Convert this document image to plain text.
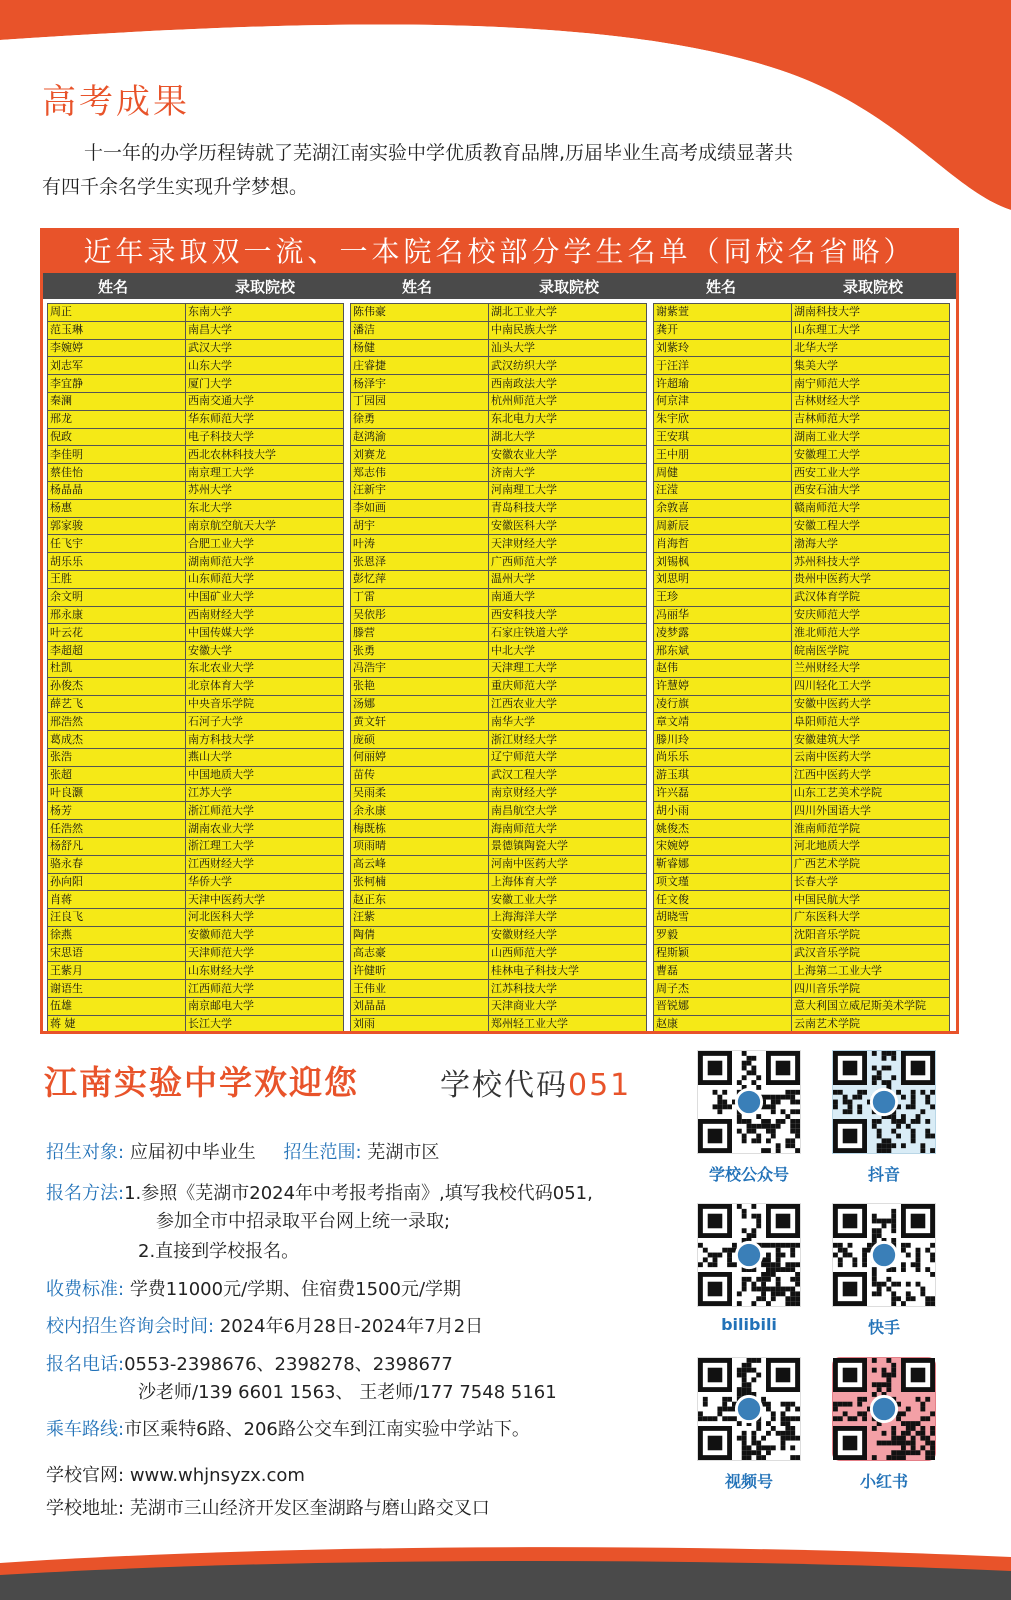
高考成果

十一年的办学历程铸就了芜湖江南实验中学优质教育品牌,历届毕业生高考成绩显著共有四千余名学生实现升学梦想。

近年录取双一流、一本院名校部分学生名单（同校名省略）
姓名	录取院校	姓名	录取院校	姓名	录取院校
周正	东南大学
范玉琳	南昌大学
李婉婷	武汉大学
刘志军	山东大学
李宜静	厦门大学
秦澜	西南交通大学
邢龙	华东师范大学
倪政	电子科技大学
李佳明	西北农林科技大学
蔡佳怡	南京理工大学
杨晶晶	苏州大学
杨惠	东北大学
郭家骏	南京航空航天大学
任飞宇	合肥工业大学
胡乐乐	湖南师范大学
王胜	山东师范大学
余文明	中国矿业大学
邢永康	西南财经大学
叶云花	中国传媒大学
李超超	安徽大学
杜凯	东北农业大学
孙俊杰	北京体育大学
薛艺飞	中央音乐学院
邢浩然	石河子大学
葛成杰	南方科技大学
张浩	燕山大学
张超	中国地质大学
叶良灏	江苏大学
杨芳	浙江师范大学
任浩然	湖南农业大学
杨舒凡	浙江理工大学
骆永春	江西财经大学
孙向阳	华侨大学
肖蒋	天津中医药大学
汪良飞	河北医科大学
徐燕	安徽师范大学
宋思语	天津师范大学
王紫月	山东财经大学
谢语生	江西师范大学
伍雄	南京邮电大学
蒋 婕	长江大学
陈伟豪	湖北工业大学
潘洁	中南民族大学
杨健	汕头大学
庄睿捷	武汉纺织大学
杨泽宇	西南政法大学
丁园园	杭州师范大学
徐勇	东北电力大学
赵鸿渝	湖北大学
刘赛龙	安徽农业大学
郑志伟	济南大学
汪新宇	河南理工大学
李如画	青岛科技大学
胡宇	安徽医科大学
叶涛	天津财经大学
张恩泽	广西师范大学
彭忆萍	温州大学
丁雷	南通大学
吴依彤	西安科技大学
滕营	石家庄铁道大学
张勇	中北大学
冯浩宇	天津理工大学
张艳	重庆师范大学
汤娜	江西农业大学
黄文轩	南华大学
庞硕	浙江财经大学
何丽婷	辽宁师范大学
苗传	武汉工程大学
吴雨柔	南京财经大学
余永康	南昌航空大学
梅既栋	海南师范大学
项雨晴	景德镇陶瓷大学
高云峰	河南中医药大学
张柯楠	上海体育大学
赵正东	安徽工业大学
汪紫	上海海洋大学
陶倩	安徽财经大学
高志豪	山西师范大学
许健昕	桂林电子科技大学
王伟业	江苏科技大学
刘晶晶	天津商业大学
刘雨	郑州轻工业大学
谢紫萱	湖南科技大学
龚开	山东理工大学
刘紫玲	北华大学
于汪洋	集美大学
许超瑜	南宁师范大学
何京津	吉林财经大学
朱宇欣	吉林师范大学
王安琪	湖南工业大学
王中朋	安徽理工大学
周健	西安工业大学
汪滢	西安石油大学
余敦喜	赣南师范大学
周新辰	安徽工程大学
肖海哲	渤海大学
刘锡枫	苏州科技大学
刘思明	贵州中医药大学
王珍	武汉体育学院
冯丽华	安庆师范大学
凌梦露	淮北师范大学
邢东斌	皖南医学院
赵伟	兰州财经大学
许慧婷	四川轻化工大学
凌行旗	安徽中医药大学
章文靖	阜阳师范大学
滕川玲	安徽建筑大学
尚乐乐	云南中医药大学
游玉琪	江西中医药大学
许兴磊	山东工艺美术学院
胡小雨	四川外国语大学
姚俊杰	淮南师范学院
宋婉婷	河北地质大学
靳睿娜	广西艺术学院
项文瑾	长春大学
任文俊	中国民航大学
胡晓雪	广东医科大学
罗毅	沈阳音乐学院
程斯颖	武汉音乐学院
曹磊	上海第二工业大学
周子杰	四川音乐学院
晋锐娜	意大利国立威尼斯美术学院
赵康	云南艺术学院
江南实验中学欢迎您	学校代码051
招生对象: 应届初中毕业生 招生范围: 芜湖市区
报名方法:1.参照《芜湖市2024年中考报考指南》,填写我校代码051,
参加全市中招录取平台网上统一录取;
2.直接到学校报名。
收费标准: 学费11000元/学期、住宿费1500元/学期
校内招生咨询会时间: 2024年6月28日-2024年7月2日
报名电话:0553-2398676、2398278、2398677
沙老师/139 6601 1563、 王老师/177 7548 5161
乘车路线:市区乘特6路、206路公交车到江南实验中学站下。
学校官网: www.whjnsyzx.com
学校地址: 芜湖市三山经济开发区奎湖路与磨山路交叉口
学校公众号	抖音
bilibili	快手
视频号	小红书
